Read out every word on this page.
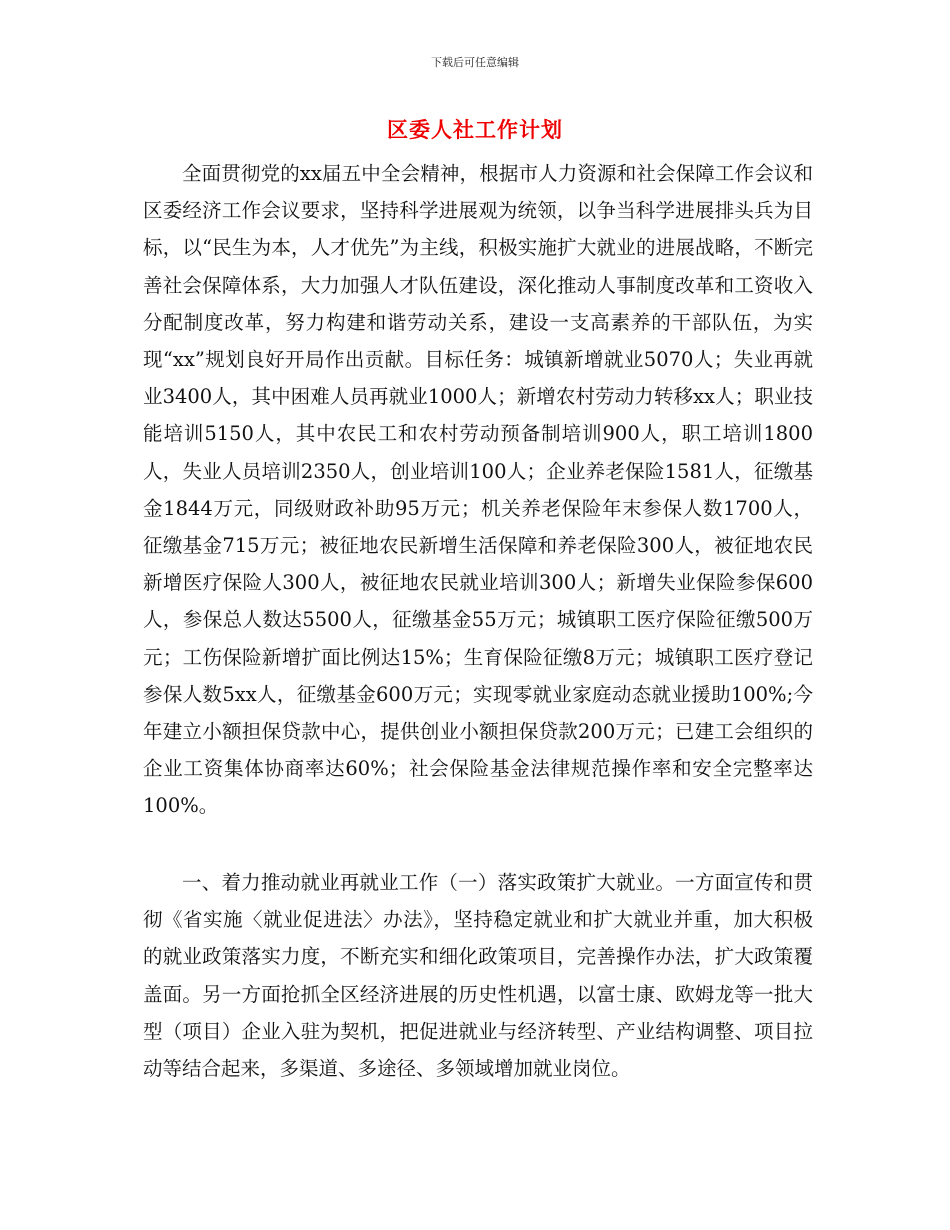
下载后可任意编辑
区委人社工作计划

全面贯彻党的xx届五中全会精神，根据市人力资源和社会保障工作会议和区委经济工作会议要求，坚持科学进展观为统领，以争当科学进展排头兵为目标，以“民生为本，人才优先”为主线，积极实施扩大就业的进展战略，不断完善社会保障体系，大力加强人才队伍建设，深化推动人事制度改革和工资收入分配制度改革，努力构建和谐劳动关系，建设一支高素养的干部队伍，为实现“xx”规划良好开局作出贡献。目标任务：城镇新增就业5070人；失业再就业3400人，其中困难人员再就业1000人；新增农村劳动力转移xx人；职业技能培训5150人，其中农民工和农村劳动预备制培训900人，职工培训1800人，失业人员培训2350人，创业培训100人；企业养老保险1581人，征缴基金1844万元，同级财政补助95万元；机关养老保险年末参保人数1700人，征缴基金715万元；被征地农民新增生活保障和养老保险300人，被征地农民新增医疗保险人300人，被征地农民就业培训300人；新增失业保险参保600人，参保总人数达5500人，征缴基金55万元；城镇职工医疗保险征缴500万元；工伤保险新增扩面比例达15%；生育保险征缴8万元；城镇职工医疗登记参保人数5xx人，征缴基金600万元；实现零就业家庭动态就业援助100%;今年建立小额担保贷款中心，提供创业小额担保贷款200万元；已建工会组织的企业工资集体协商率达60%；社会保险基金法律规范操作率和安全完整率达100%。

一、着力推动就业再就业工作（一）落实政策扩大就业。一方面宣传和贯彻《省实施〈就业促进法〉办法》，坚持稳定就业和扩大就业并重，加大积极的就业政策落实力度，不断充实和细化政策项目，完善操作办法，扩大政策覆盖面。另一方面抢抓全区经济进展的历史性机遇，以富士康、欧姆龙等一批大型（项目）企业入驻为契机，把促进就业与经济转型、产业结构调整、项目拉动等结合起来，多渠道、多途径、多领域增加就业岗位。
